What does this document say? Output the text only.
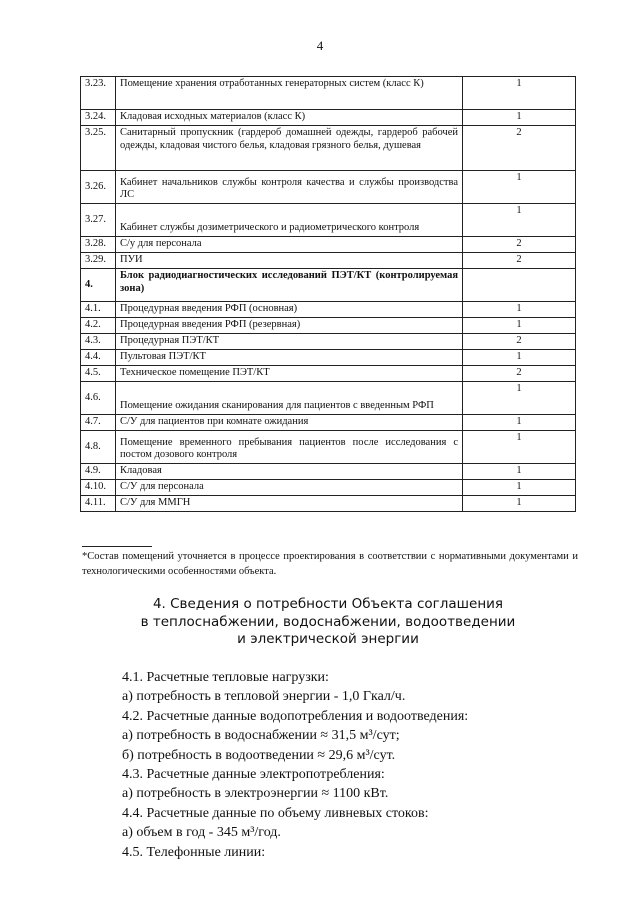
4
3.23.	Помещение хранения отработанных генераторных систем (класс К)	1
3.24.	Кладовая исходных материалов (класс К)	1
3.25.	Санитарный пропускник (гардероб домашней одежды, гардероб рабочей одежды, кладовая чистого белья, кладовая грязного белья, душевая	2
3.26.	Кабинет начальников службы контроля качества и службы производства ЛС	1
3.27.	Кабинет службы дозиметрического и радиометрического контроля	1
3.28.	С/у для персонала	2
3.29.	ПУИ	2
4.	Блок радиодиагностических исследований ПЭТ/КТ (контролируемая зона)	
4.1.	Процедурная введения РФП (основная)	1
4.2.	Процедурная введения РФП (резервная)	1
4.3.	Процедурная ПЭТ/КТ	2
4.4.	Пультовая ПЭТ/КТ	1
4.5.	Техническое помещение ПЭТ/КТ	2
4.6.	Помещение ожидания сканирования для пациентов с введенным РФП	1
4.7.	С/У для пациентов при комнате ожидания	1
4.8.	Помещение временного пребывания пациентов после исследования с постом дозового контроля	1
4.9.	Кладовая	1
4.10.	С/У для персонала	1
4.11.	С/У для ММГН	1
*Состав помещений уточняется в процессе проектирования в соответствии с нормативными документами и технологическими особенностями объекта.
4. Сведения о потребности Объекта соглашения
в теплоснабжении, водоснабжении, водоотведении
и электрической энергии
4.1. Расчетные тепловые нагрузки:
а) потребность в тепловой энергии - 1,0 Гкал/ч.
4.2. Расчетные данные водопотребления и водоотведения:
а) потребность в водоснабжении ≈ 31,5 м³/сут;
б) потребность в водоотведении ≈ 29,6 м³/сут.
4.3. Расчетные данные электропотребления:
а) потребность в электроэнергии ≈ 1100 кВт.
4.4. Расчетные данные по объему ливневых стоков:
а) объем в год - 345 м³/год.
4.5. Телефонные линии:
